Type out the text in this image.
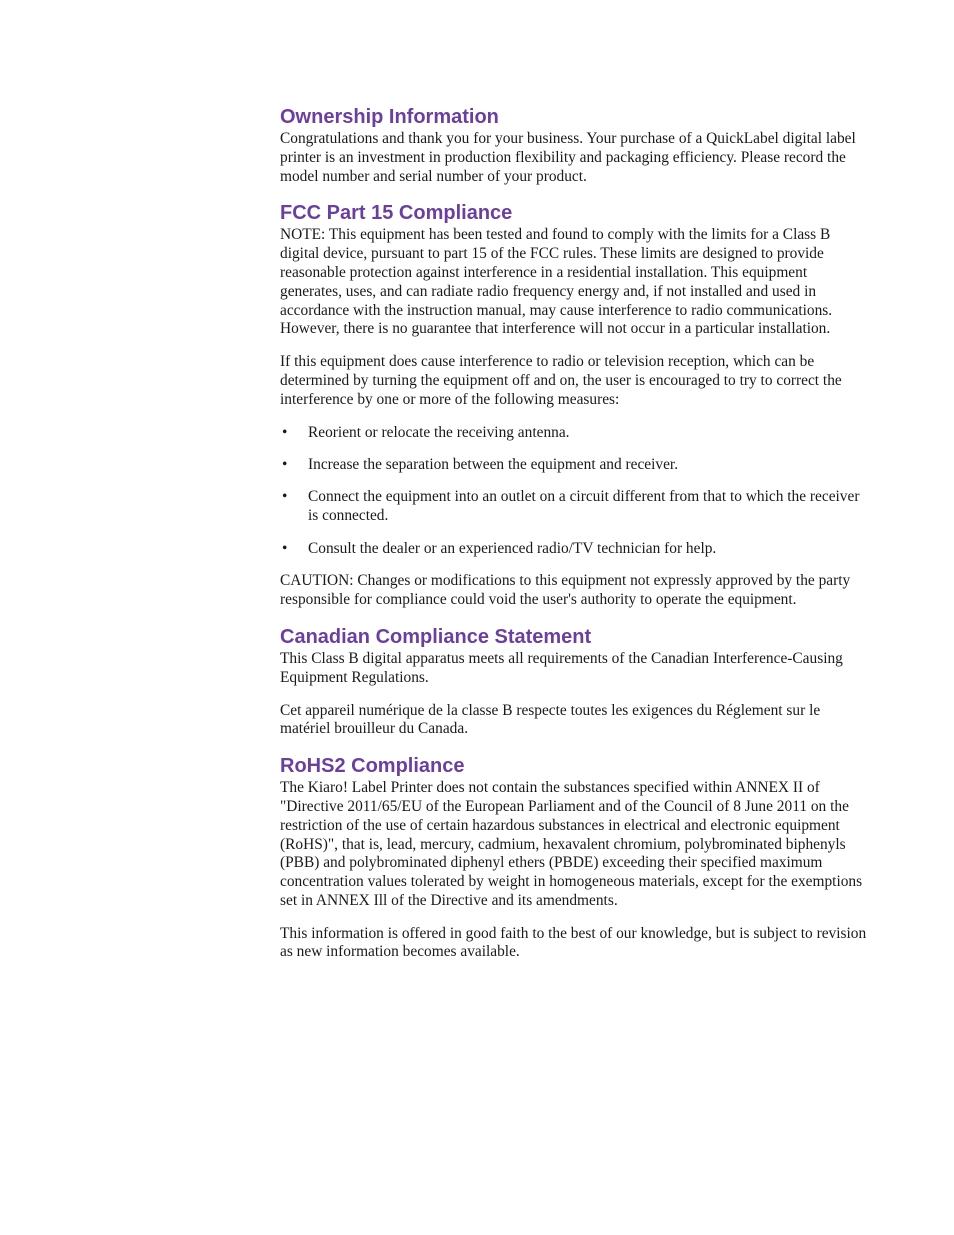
Ownership Information

Congratulations and thank you for your business. Your purchase of a QuickLabel digital label printer is an investment in production flexibility and packaging efficiency. Please record the model number and serial number of your product.

FCC Part 15 Compliance

NOTE: This equipment has been tested and found to comply with the limits for a Class B digital device, pursuant to part 15 of the FCC rules. These limits are designed to provide reasonable protection against interference in a residential installation. This equipment generates, uses, and can radiate radio frequency energy and, if not installed and used in accordance with the instruction manual, may cause interference to radio communications. However, there is no guarantee that interference will not occur in a particular installation.

If this equipment does cause interference to radio or television reception, which can be determined by turning the equipment off and on, the user is encouraged to try to correct the interference by one or more of the following measures:

• Reorient or relocate the receiving antenna.
• Increase the separation between the equipment and receiver.
• Connect the equipment into an outlet on a circuit different from that to which the receiver is connected.
• Consult the dealer or an experienced radio/TV technician for help.

CAUTION: Changes or modifications to this equipment not expressly approved by the party responsible for compliance could void the user's authority to operate the equipment.

Canadian Compliance Statement

This Class B digital apparatus meets all requirements of the Canadian Interference-Causing Equipment Regulations.

Cet appareil numérique de la classe B respecte toutes les exigences du Réglement sur le matériel brouilleur du Canada.

RoHS2 Compliance

The Kiaro! Label Printer does not contain the substances specified within ANNEX II of "Directive 2011/65/EU of the European Parliament and of the Council of 8 June 2011 on the restriction of the use of certain hazardous substances in electrical and electronic equipment (RoHS)", that is, lead, mercury, cadmium, hexavalent chromium, polybrominated biphenyls (PBB) and polybrominated diphenyl ethers (PBDE) exceeding their specified maximum concentration values tolerated by weight in homogeneous materials, except for the exemptions set in ANNEX Ill of the Directive and its amendments.

This information is offered in good faith to the best of our knowledge, but is subject to revision as new information becomes available.
